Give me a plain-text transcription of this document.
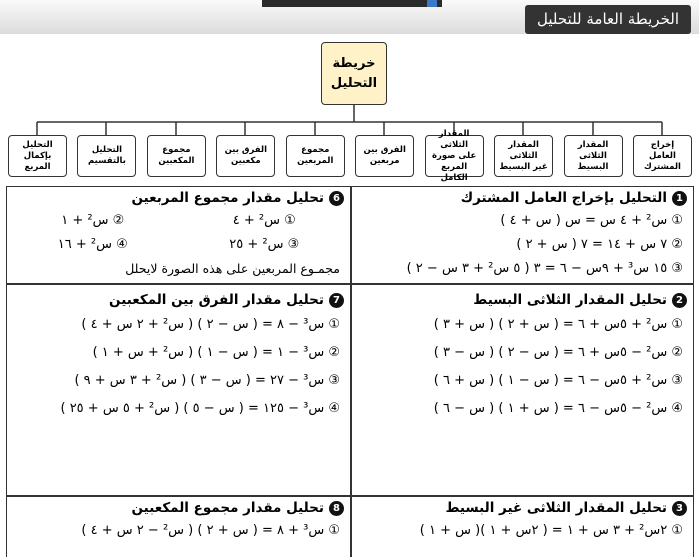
الخريطة العامة للتحليل
خريطة
التحليل
إخراج
العامل
المشترك
المقدار
الثلاثى
البسيط
المقدار
الثلاثى
غير البسيط
المقدار الثلاثى
على صورة
المربع الكامل
الفرق بين
مربعين
مجموع
المربعين
الفرق بين
مكعبين
مجموع
المكعبين
التحليل
بالتقسيم
التحليل
بإكمال
المربع
1التحليل بإخراج العامل المشترك
① س² + ٤ س = س ( س + ٤ )
② ٧ س + ١٤ = ٧ ( س + ٢ )
③ ١٥ س³ + ٩س − ٦ = ٣ ( ٥ س² + ٣ س − ٢ )
2تحليل المقدار الثلاثى البسيط
① س² + ٥س + ٦ = ( س + ٢ ) ( س + ٣ )
② س² − ٥س + ٦ = ( س − ٢ ) ( س − ٣ )
③ س² + ٥س − ٦ = ( س − ١ ) ( س + ٦ )
④ س² − ٥س − ٦ = ( س + ١ ) ( س − ٦ )
3تحليل المقدار الثلاثى غير البسيط
① ٢س² + ٣ س + ١ = ( ٢س + ١ )( س + ١ )
6تحليل مقدار مجموع المربعين
① س² + ٤
② س² + ١
③ س² + ٢٥
④ س² + ١٦
مجمـوع المربعين على هذه الصورة لايحلل
7تحليل مقدار الفرق بين المكعبين
① س³ − ٨ = ( س − ٢ ) ( س² + ٢ س + ٤ )
② س³ − ١ = ( س − ١ ) ( س² + س + ١ )
③ س³ − ٢٧ = ( س − ٣ ) ( س² + ٣ س + ٩ )
④ س³ − ١٢٥ = ( س − ٥ ) ( س² + ٥ س + ٢٥ )
8تحليل مقدار مجموع المكعبين
① س³ + ٨ = ( س + ٢ ) ( س² − ٢ س + ٤ )
